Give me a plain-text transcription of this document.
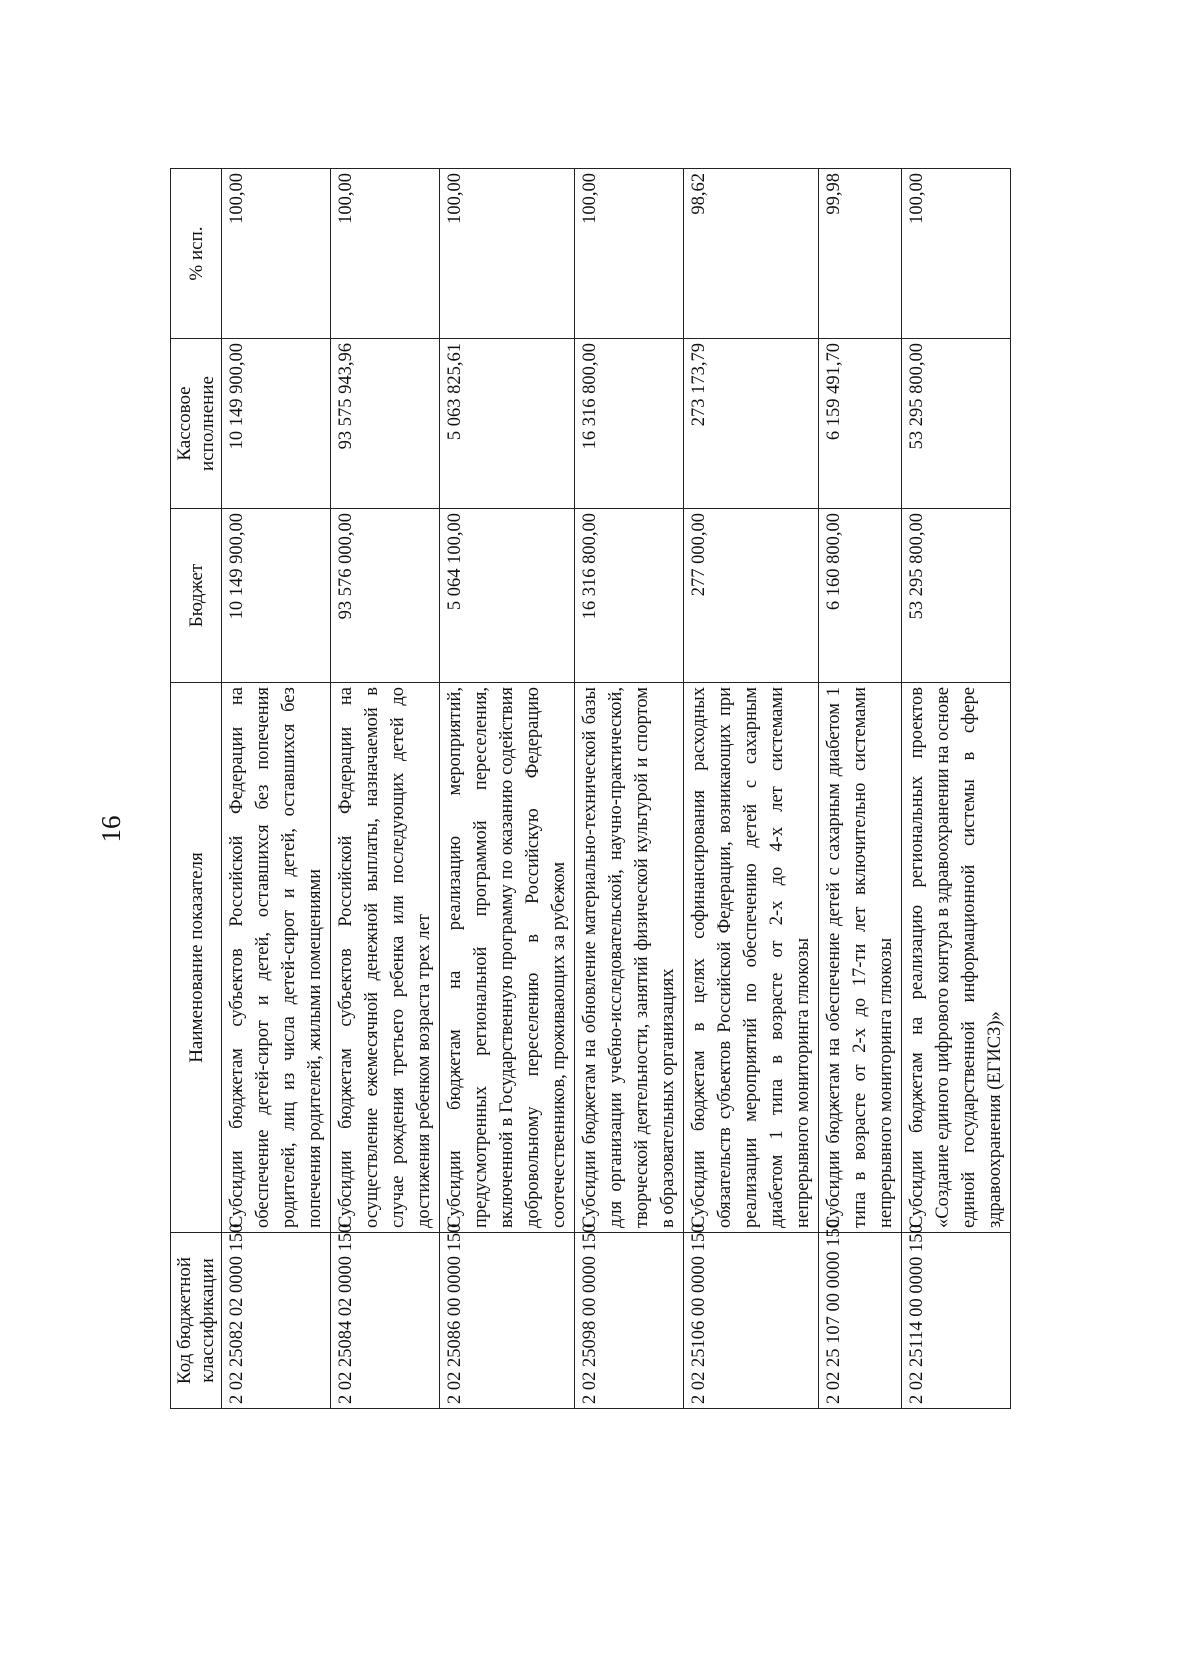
16
Код бюджетной классификации	Наименование показателя	Бюджет	Кассовое исполнение	% исп.
2 02 25082 02 0000 150	Субсидии бюджетам субъектов Российской Федерации на обеспечение детей-сирот и детей, оставшихся без попечения родителей, лиц из числа детей-сирот и детей, оставшихся без попечения родителей, жилыми помещениями	10 149 900,00	10 149 900,00	100,00
2 02 25084 02 0000 150	Субсидии бюджетам субъектов Российской Федерации на осуществление ежемесячной денежной выплаты, назначаемой в случае рождения третьего ребенка или последующих детей до достижения ребенком возраста трех лет	93 576 000,00	93 575 943,96	100,00
2 02 25086 00 0000 150	Субсидии бюджетам на реализацию мероприятий, предусмотренных региональной программой переселения, включенной в Государственную программу по оказанию содействия добровольному переселению в Российскую Федерацию соотечественников, проживающих за рубежом	5 064 100,00	5 063 825,61	100,00
2 02 25098 00 0000 150	Субсидии бюджетам на обновление материально-технической базы для организации учебно-исследовательской, научно-практической, творческой деятельности, занятий физической культурой и спортом в образовательных организациях	16 316 800,00	16 316 800,00	100,00
2 02 25106 00 0000 150	Субсидии бюджетам в целях софинансирования расходных обязательств субъектов Российской Федерации, возникающих при реализации мероприятий по обеспечению детей с сахарным диабетом 1 типа в возрасте от 2-х до 4-х лет системами непрерывного мониторинга глюкозы	277 000,00	273 173,79	98,62
2 02 25 107 00 0000 150	Субсидии бюджетам на обеспечение детей с сахарным диабетом 1 типа в возрасте от 2-х до 17-ти лет включительно системами непрерывного мониторинга глюкозы	6 160 800,00	6 159 491,70	99,98
2 02 25114 00 0000 150	Субсидии бюджетам на реализацию региональных проектов «Создание единого цифрового контура в здравоохранении на основе единой государственной информационной системы в сфере здравоохранения (ЕГИСЗ)»	53 295 800,00	53 295 800,00	100,00
